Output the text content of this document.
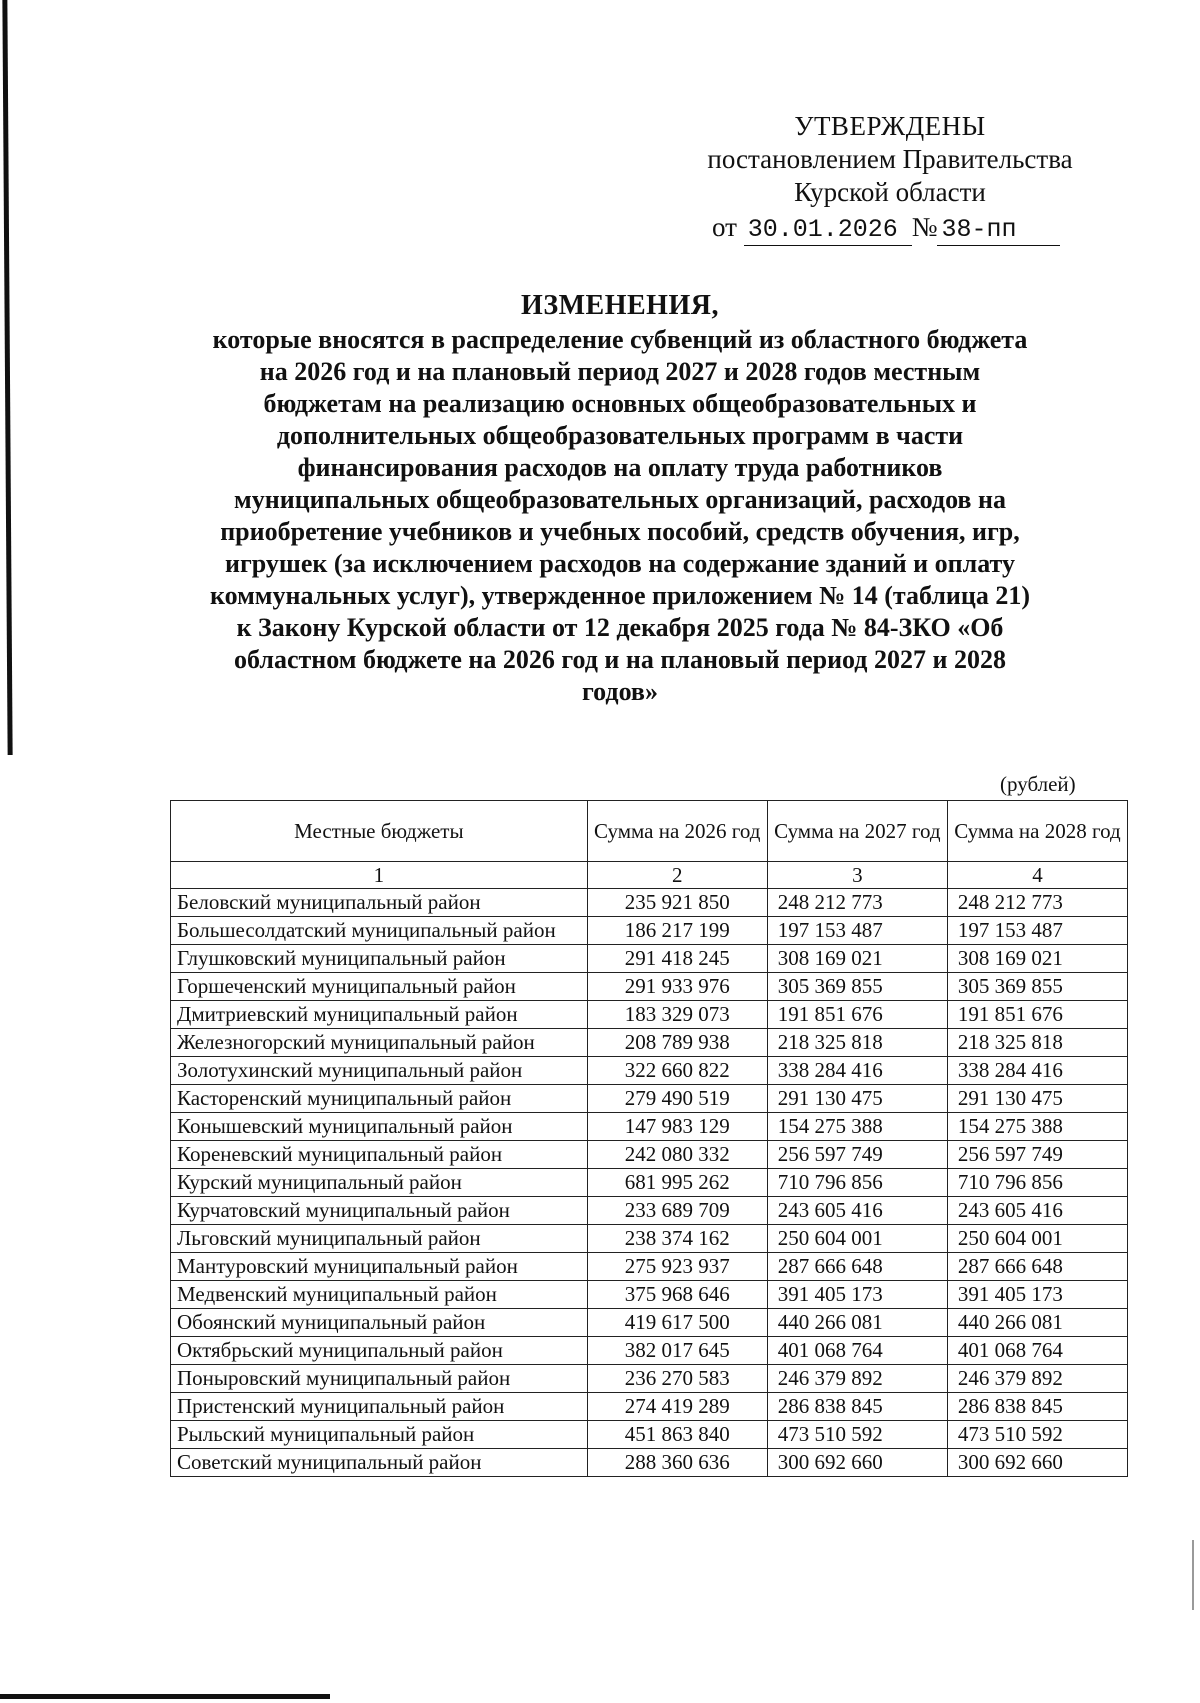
УТВЕРЖДЕНЫ
постановлением Правительства
Курской области
от 30.01.2026 № 38-пп
ИЗМЕНЕНИЯ,
которые вносятся в распределение субвенций из областного бюджета
на 2026 год и на плановый период 2027 и 2028 годов местным
бюджетам на реализацию основных общеобразовательных и
дополнительных общеобразовательных программ в части
финансирования расходов на оплату труда работников
муниципальных общеобразовательных организаций, расходов на
приобретение учебников и учебных пособий, средств обучения, игр,
игрушек (за исключением расходов на содержание зданий и оплату
коммунальных услуг), утвержденное приложением № 14 (таблица 21)
к Закону Курской области от 12 декабря 2025 года № 84-ЗКО «Об
областном бюджете на 2026 год и на плановый период 2027 и 2028
годов»
(рублей)
Местные бюджеты	Сумма на 2026 год	Сумма на 2027 год	Сумма на 2028 год
1	2	3	4
Беловский муниципальный район	235 921 850	248 212 773	248 212 773
Большесолдатский муниципальный район	186 217 199	197 153 487	197 153 487
Глушковский муниципальный район	291 418 245	308 169 021	308 169 021
Горшеченский муниципальный район	291 933 976	305 369 855	305 369 855
Дмитриевский муниципальный район	183 329 073	191 851 676	191 851 676
Железногорский муниципальный район	208 789 938	218 325 818	218 325 818
Золотухинский муниципальный район	322 660 822	338 284 416	338 284 416
Касторенский муниципальный район	279 490 519	291 130 475	291 130 475
Конышевский муниципальный район	147 983 129	154 275 388	154 275 388
Кореневский муниципальный район	242 080 332	256 597 749	256 597 749
Курский муниципальный район	681 995 262	710 796 856	710 796 856
Курчатовский муниципальный район	233 689 709	243 605 416	243 605 416
Льговский муниципальный район	238 374 162	250 604 001	250 604 001
Мантуровский муниципальный район	275 923 937	287 666 648	287 666 648
Медвенский муниципальный район	375 968 646	391 405 173	391 405 173
Обоянский муниципальный район	419 617 500	440 266 081	440 266 081
Октябрьский муниципальный район	382 017 645	401 068 764	401 068 764
Поныровский муниципальный район	236 270 583	246 379 892	246 379 892
Пристенский муниципальный район	274 419 289	286 838 845	286 838 845
Рыльский муниципальный район	451 863 840	473 510 592	473 510 592
Советский муниципальный район	288 360 636	300 692 660	300 692 660
